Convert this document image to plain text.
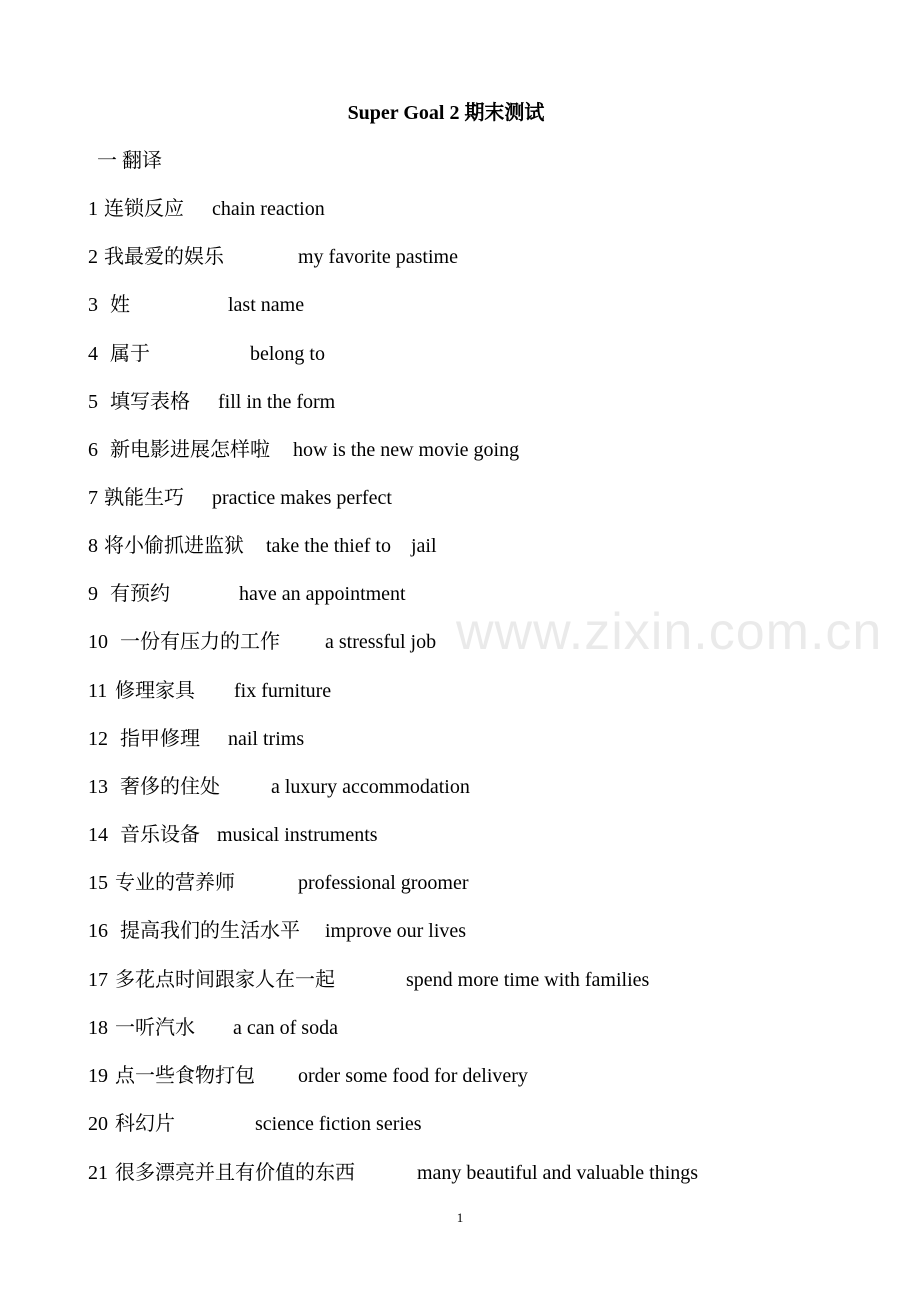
Super Goal 2 期末测试
一 翻译
1 连锁反应 chain reaction
2 我最爱的娱乐	my favorite pastime
3 姓	last name
4 属于	belong to
5 填写表格 fill in the form
6 新电影进展怎样啦 how is the new movie going
7 孰能生巧 practice makes perfect
8 将小偷抓进监狱 take the thief to    jail
9 有预约	have an appointment
10 一份有压力的工作 a stressful job
11 修理家具 fix furniture
12 指甲修理 nail trims
13 奢侈的住处	a luxury accommodation
14 音乐设备 musical instruments
15 专业的营养师	professional groomer
16 提高我们的生活水平 improve our lives
17 多花点时间跟家人在一起	spend more time with families
18 一听汽水 a can of soda
19 点一些食物打包 order some food for delivery
20 科幻片	science fiction series
21 很多漂亮并且有价值的东西	many beautiful and valuable things
www.zixin.com.cn
1
